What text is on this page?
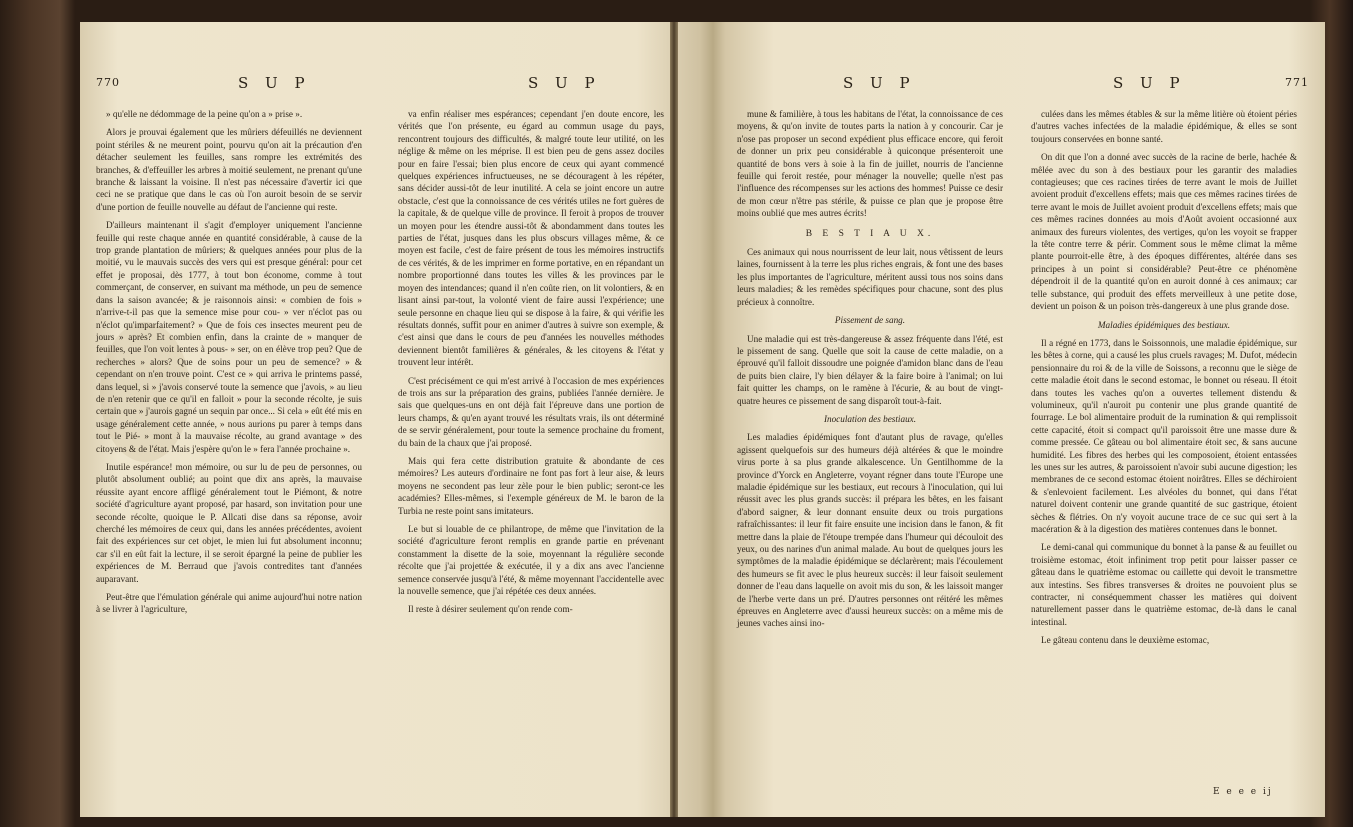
770	S U P	S U P

» qu'elle ne dédommage de la peine qu'on a » prise ».

Alors je prouvai également que les mûriers défeuillés ne deviennent point stériles & ne meurent point, pourvu qu'on ait la précaution d'en détacher seulement les feuilles, sans rompre les extrémités des branches, & d'effeuiller les arbres à moitié seulement, ne prenant qu'une branche & laissant la voisine. Il n'est pas nécessaire d'avertir ici que ceci ne se pratique que dans le cas où l'on auroit besoin de se servir d'une portion de feuille nouvelle au défaut de l'ancienne qui reste.

D'ailleurs maintenant il s'agit d'employer uniquement l'ancienne feuille qui reste chaque année en quantité considérable, à cause de la trop grande plantation de mûriers; & quelques années pour plus de la moitié, vu le mauvais succès des vers qui est presque général: pour cet effet je proposai, dès 1777, à tout bon économe, comme à tout commerçant, de conserver, en suivant ma méthode, un peu de semence dans la saison avancée; & je raisonnois ainsi: « combien de fois » n'arrive-t-il pas que la semence mise pour cou- » ver n'éclot pas ou n'éclot qu'imparfaitement? » Que de fois ces insectes meurent peu de jours » après? Et combien enfin, dans la crainte de » manquer de feuilles, que l'on voit lentes à pous- » ser, on en élève trop peu? Que de recherches » alors? Que de soins pour un peu de semence? » & cependant on n'en trouve point. C'est ce » qui arriva le printems passé, dans lequel, si » j'avois conservé toute la semence que j'avois, » au lieu de n'en retenir que ce qu'il en falloit » pour la seconde récolte, je suis certain que » j'aurois gagné un sequin par once... Si cela » eût été mis en usage généralement cette année, » nous aurions pu parer à temps dans tout le Pié- » mont à la mauvaise récolte, au grand avantage » des citoyens & de l'état. Mais j'espère qu'on le » fera l'année prochaine ».

Inutile espérance! mon mémoire, ou sur lu de peu de personnes, ou plutôt absolument oublié; au point que dix ans après, la mauvaise réussite ayant encore affligé généralement tout le Piémont, & notre société d'agriculture ayant proposé, par hasard, son invitation pour une seconde récolte, quoique le P. Allcati dise dans sa réponse, avoir cherché les mémoires de ceux qui, dans les années précédentes, avoient fait des expériences sur cet objet, le mien lui fut absolument inconnu; car s'il en eût fait la lecture, il se seroit épargné la peine de publier les expériences de M. Berraud que j'avois contredites tant d'années auparavant.

Peut-être que l'émulation générale qui anime aujourd'hui notre nation à se livrer à l'agriculture,

va enfin réaliser mes espérances; cependant j'en doute encore, les vérités que l'on présente, eu égard au commun usage du pays, rencontrent toujours des difficultés, & malgré toute leur utilité, on les néglige & même on les méprise. Il est bien peu de gens assez dociles pour en faire l'essai; bien plus encore de ceux qui ayant commencé quelques expériences infructueuses, ne se découragent à les répéter, sans décider aussi-tôt de leur inutilité. A cela se joint encore un autre obstacle, c'est que la connoissance de ces vérités utiles ne fort guères de la capitale, & de quelque ville de province. Il feroit à propos de trouver un moyen pour les étendre aussi-tôt & abondamment dans toutes les parties de l'état, jusques dans les plus obscurs villages même, & ce moyen est facile, c'est de faire présent de tous les mémoires instructifs de ces vérités, & de les imprimer en forme portative, en en répandant un nombre proportionné dans toutes les villes & les provinces par le moyen des intendances; quand il n'en coûte rien, on lit volontiers, & en lisant ainsi par-tout, la volonté vient de faire aussi l'expérience; une seule personne en chaque lieu qui se dispose à la faire, & qui vérifie les résultats donnés, suffit pour en animer d'autres à suivre son exemple, & c'est ainsi que dans le cours de peu d'années les nouvelles méthodes deviennent bientôt familières & générales, & les citoyens & l'état y trouvent leur intérêt.

C'est précisément ce qui m'est arrivé à l'occasion de mes expériences de trois ans sur la préparation des grains, publiées l'année dernière. Je sais que quelques-uns en ont déjà fait l'épreuve dans une portion de leurs champs, & qu'en ayant trouvé les résultats vrais, ils ont déterminé de se servir généralement, pour toute la semence prochaine du froment, du bain de la chaux que j'ai proposé.

Mais qui fera cette distribution gratuite & abondante de ces mémoires? Les auteurs d'ordinaire ne font pas fort à leur aise, & leurs moyens ne secondent pas leur zèle pour le bien public; seront-ce les académies? Elles-mêmes, si l'exemple généreux de M. le baron de la Turbia ne reste point sans imitateurs.

Le but si louable de ce philantrope, de même que l'invitation de la société d'agriculture feront remplis en grande partie en prévenant constamment la disette de la soie, moyennant la régulière seconde récolte que j'ai projettée & exécutée, il y a dix ans avec l'ancienne semence conservée jusqu'à l'été, & même moyennant l'accidentelle avec la nouvelle semence, que j'ai répétée ces deux années.

Il reste à désirer seulement qu'on rende com-

S U P	S U P	771

mune & familière, à tous les habitans de l'état, la connoissance de ces moyens, & qu'on invite de toutes parts la nation à y concourir. Car je n'ose pas proposer un second expédient plus efficace encore, qui feroit de donner un prix peu considérable à quiconque présenteroit une quantité de bons vers à soie à la fin de juillet, nourris de l'ancienne feuille qui feroit restée, pour ménager la nouvelle; quelle n'est pas l'influence des récompenses sur les actions des hommes! Puisse ce desir de mon cœur n'être pas stérile, & puisse ce plan que je propose être moins oublié que mes autres écrits!

B E S T I A U X.

Ces animaux qui nous nourrissent de leur lait, nous vêtissent de leurs laines, fournissent à la terre les plus riches engrais, & font une des bases les plus importantes de l'agriculture, méritent aussi tous nos soins dans leurs maladies; & les remèdes spécifiques pour chacune, sont des plus précieux à connoître.

Pissement de sang.

Une maladie qui est très-dangereuse & assez fréquente dans l'été, est le pissement de sang. Quelle que soit la cause de cette maladie, on a éprouvé qu'il falloit dissoudre une poignée d'amidon blanc dans de l'eau de puits bien claire, l'y bien délayer & la faire boire à l'animal; on lui fait quitter les champs, on le ramène à l'écurie, & au bout de vingt-quatre heures ce pissement de sang disparoît tout-à-fait.

Inoculation des bestiaux.

Les maladies épidémiques font d'autant plus de ravage, qu'elles agissent quelquefois sur des humeurs déjà altérées & que le moindre virus porte à sa plus grande alkalescence. Un Gentilhomme de la province d'Yorck en Angleterre, voyant régner dans toute l'Europe une maladie épidémique sur les bestiaux, eut recours à l'inoculation, qui lui réussit avec les plus grands succès: il prépara les bêtes, en les faisant d'abord saigner, & leur donnant ensuite deux ou trois purgations rafraîchissantes: il leur fit faire ensuite une incision dans le fanon, & fit mettre dans la plaie de l'étoupe trempée dans l'humeur qui découloit des yeux, ou des narines d'un animal malade. Au bout de quelques jours les symptômes de la maladie épidémique se déclarèrent; mais l'écoulement des humeurs se fit avec le plus heureux succès: il leur faisoit seulement donner de l'eau dans laquelle on avoit mis du son, & les laissoit manger de l'herbe verte dans un pré. D'autres personnes ont réitéré les mêmes épreuves en Angleterre avec d'aussi heureux succès: on a même mis de jeunes vaches ainsi ino-

culées dans les mêmes étables & sur la même litière où étoient péries d'autres vaches infectées de la maladie épidémique, & elles se sont toujours conservées en bonne santé.

On dit que l'on a donné avec succès de la racine de berle, hachée & mêlée avec du son à des bestiaux pour les garantir des maladies contagieuses; que ces racines tirées de terre avant le mois de Juillet avoient produit d'excellens effets; mais que ces mêmes racines tirées de terre avant le mois de Juillet avoient produit d'excellens effets; mais que ces mêmes racines données au mois d'Août avoient occasionné aux animaux des fureurs violentes, des vertiges, qu'on les voyoit se frapper la tête contre terre & périr. Comment sous le même climat la même plante pourroit-elle être, à des époques différentes, altérée dans ses principes à un point si considérable? Peut-être ce phénomène dépendroit il de la quantité qu'on en auroit donné à ces animaux; car telle substance, qui produit des effets merveilleux à une petite dose, devient un poison & un poison très-dangereux à une plus grande dose.

Maladies épidémiques des bestiaux.

Il a régné en 1773, dans le Soissonnois, une maladie épidémique, sur les bêtes à corne, qui a causé les plus cruels ravages; M. Dufot, médecin pensionnaire du roi & de la ville de Soissons, a reconnu que le siège de cette maladie étoit dans le second estomac, le bonnet ou réseau. Il étoit dans toutes les vaches qu'on a ouvertes tellement distendu & volumineux, qu'il n'auroit pu contenir une plus grande quantité de fourrage. Le bol alimentaire produit de la rumination & qui remplissoit cette capacité, étoit si compact qu'il paroissoit être une masse dure & comme pressée. Ce gâteau ou bol alimentaire étoit sec, & sans aucune humidité. Les fibres des herbes qui les composoient, étoient entassées les unes sur les autres, & paroissoient n'avoir subi aucune digestion; les membranes de ce second estomac étoient noirâtres. Elles se déchiroient & s'enlevoient facilement. Les alvéoles du bonnet, qui dans l'état naturel doivent contenir une grande quantité de suc gastrique, étoient sèches & flétries. On n'y voyoit aucune trace de ce suc qui sert à la macération & à la digestion des matières contenues dans le bonnet.

Le demi-canal qui communique du bonnet à la panse & au feuillet ou troisième estomac, étoit infiniment trop petit pour laisser passer ce gâteau dans le quatrième estomac ou caillette qui devoit le transmettre aux intestins. Ses fibres transverses & droites ne pouvoient plus se contracter, ni conséquemment chasser les matières qui doivent naturellement passer dans le quatrième estomac, de-là dans le canal intestinal.

Le gâteau contenu dans le deuxième estomac,

E e e e ij
